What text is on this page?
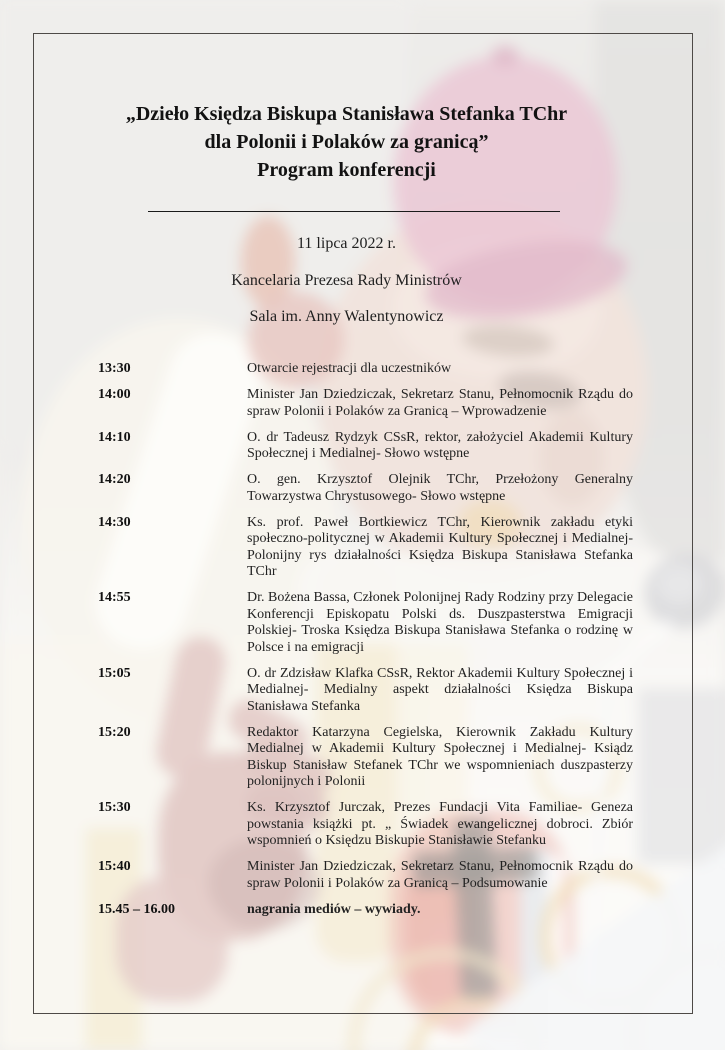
„Dzieło Księdza Biskupa Stanisława Stefanka TChr
dla Polonii i Polaków za granicą”
Program konferencji
11 lipca 2022 r.
Kancelaria Prezesa Rady Ministrów
Sala im. Anny Walentynowicz
13:30	Otwarcie rejestracji dla uczestników
14:00	Minister Jan Dziedziczak, Sekretarz Stanu, Pełnomocnik Rządu do spraw Polonii i Polaków za Granicą – Wprowadzenie
14:10	O. dr Tadeusz Rydzyk CSsR, rektor, założyciel Akademii Kultury Społecznej i Medialnej- Słowo wstępne
14:20	O. gen. Krzysztof Olejnik TChr, Przełożony Generalny Towarzystwa Chrystusowego- Słowo wstępne
14:30	Ks. prof. Paweł Bortkiewicz TChr, Kierownik zakładu etyki społeczno-politycznej w Akademii Kultury Społecznej i Medialnej- Polonijny rys działalności Księdza Biskupa Stanisława Stefanka TChr
14:55	Dr. Bożena Bassa, Członek Polonijnej Rady Rodziny przy Delegacie Konferencji Episkopatu Polski ds. Duszpasterstwa Emigracji Polskiej- Troska Księdza Biskupa Stanisława Stefanka o rodzinę w Polsce i na emigracji
15:05	O. dr Zdzisław Klafka CSsR, Rektor Akademii Kultury Społecznej i Medialnej- Medialny aspekt działalności Księdza Biskupa Stanisława Stefanka
15:20	Redaktor Katarzyna Cegielska, Kierownik Zakładu Kultury Medialnej w Akademii Kultury Społecznej i Medialnej- Ksiądz Biskup Stanisław Stefanek TChr we wspomnieniach duszpasterzy polonijnych i Polonii
15:30	Ks. Krzysztof Jurczak, Prezes Fundacji Vita Familiae- Geneza powstania książki pt. „ Świadek ewangelicznej dobroci. Zbiór wspomnień o Księdzu Biskupie Stanisławie Stefanku
15:40	Minister Jan Dziedziczak, Sekretarz Stanu, Pełnomocnik Rządu do spraw Polonii i Polaków za Granicą – Podsumowanie
15.45 – 16.00	nagrania mediów – wywiady.
